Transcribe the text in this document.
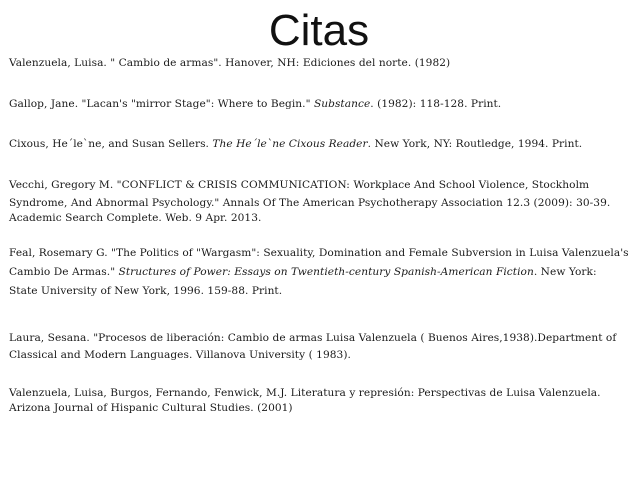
Citas
Valenzuela, Luisa. " Cambio de armas". Hanover, NH: Ediciones del norte. (1982)
Gallop, Jane. "Lacan's "mirror Stage": Where to Begin." Substance. (1982): 118-128. Print.
Cixous, He´le`ne, and Susan Sellers. The He´le`ne Cixous Reader. New York, NY: Routledge, 1994. Print.
Vecchi, Gregory M. "CONFLICT & CRISIS COMMUNICATION: Workplace And School Violence, Stockholm
Syndrome, And Abnormal Psychology." Annals Of The American Psychotherapy Association 12.3 (2009): 30-39.
Academic Search Complete. Web. 9 Apr. 2013.
Feal, Rosemary G. "The Politics of "Wargasm": Sexuality, Domination and Female Subversion in Luisa Valenzuela's
Cambio De Armas." Structures of Power: Essays on Twentieth-century Spanish-American Fiction. New York:
State University of New York, 1996. 159-88. Print.
Laura, Sesana. "Procesos de liberación: Cambio de armas Luisa Valenzuela ( Buenos Aires,1938).Department of
Classical and Modern Languages. Villanova University ( 1983).
Valenzuela, Luisa, Burgos, Fernando, Fenwick, M.J. Literatura y represión: Perspectivas de Luisa Valenzuela.
Arizona Journal of Hispanic Cultural Studies. (2001)
